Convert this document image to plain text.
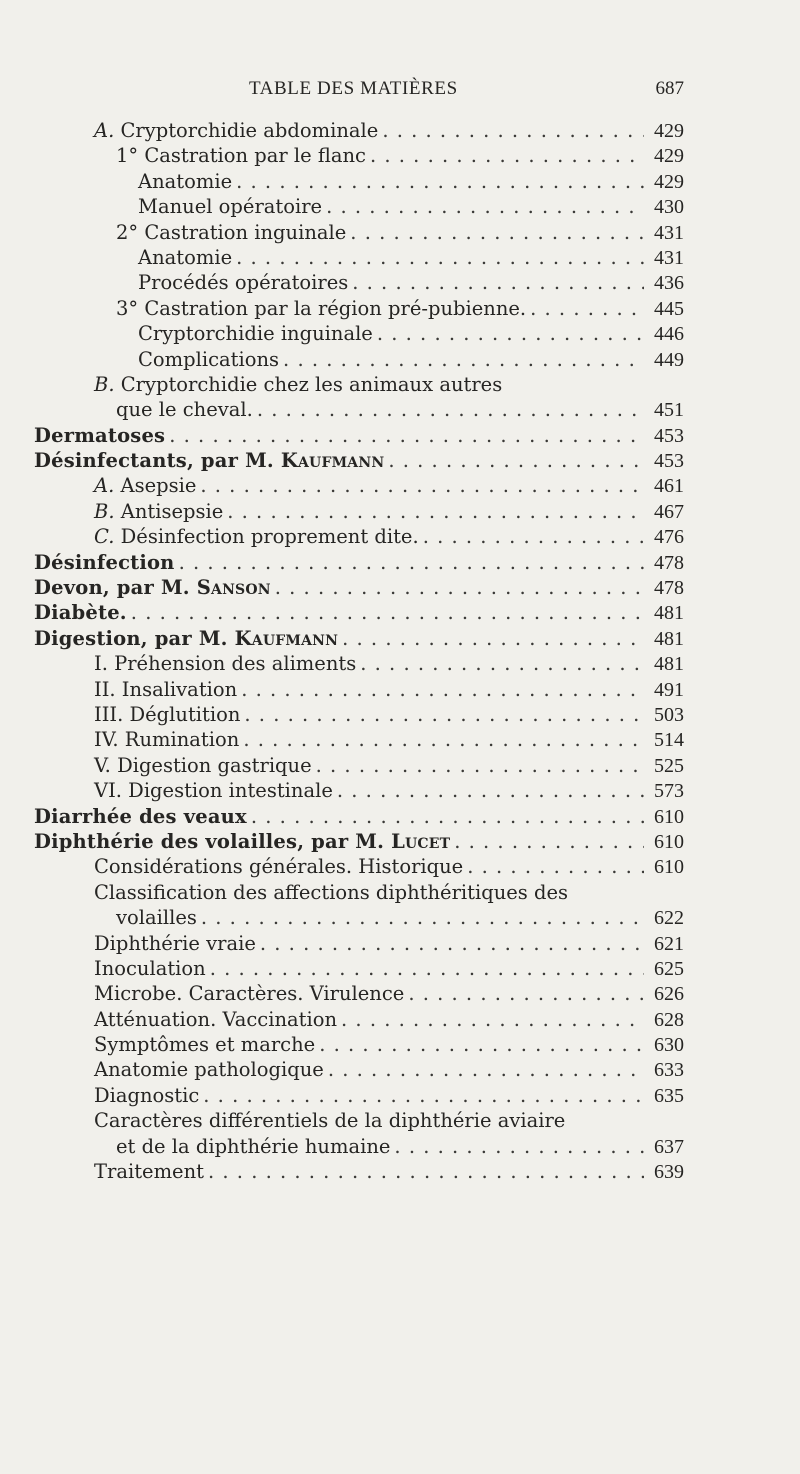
TABLE DES MATIÈRES	687
A. Cryptorchidie abdominale . . .	429
1° Castration par le flanc . . .	429
Anatomie . . .	429
Manuel opératoire . . .	430
2° Castration inguinale . . .	431
Anatomie . . .	431
Procédés opératoires . . .	436
3° Castration par la région pré-pubienne. . . .	445
Cryptorchidie inguinale . . .	446
Complications . . .	449
B. Cryptorchidie chez les animaux autres
que le cheval. . . .	451
Dermatoses . . .	453
Désinfectants, par M. Kaufmann . . .	453
A. Asepsie . . .	461
B. Antisepsie . . .	467
C. Désinfection proprement dite. . . .	476
Désinfection . . .	478
Devon, par M. Sanson . . .	478
Diabète. . . .	481
Digestion, par M. Kaufmann . . .	481
I. Préhension des aliments . . .	481
II. Insalivation . . .	491
III. Déglutition . . .	503
IV. Rumination . . .	514
V. Digestion gastrique . . .	525
VI. Digestion intestinale . . .	573
Diarrhée des veaux . . .	610
Diphthérie des volailles, par M. Lucet . . .	610
Considérations générales. Historique . . .	610
Classification des affections diphthéritiques des
volailles . . .	622
Diphthérie vraie . . .	621
Inoculation . . .	625
Microbe. Caractères. Virulence . . .	626
Atténuation. Vaccination . . .	628
Symptômes et marche . . .	630
Anatomie pathologique . . .	633
Diagnostic . . .	635
Caractères différentiels de la diphthérie aviaire
et de la diphthérie humaine . . .	637
Traitement . . .	639
